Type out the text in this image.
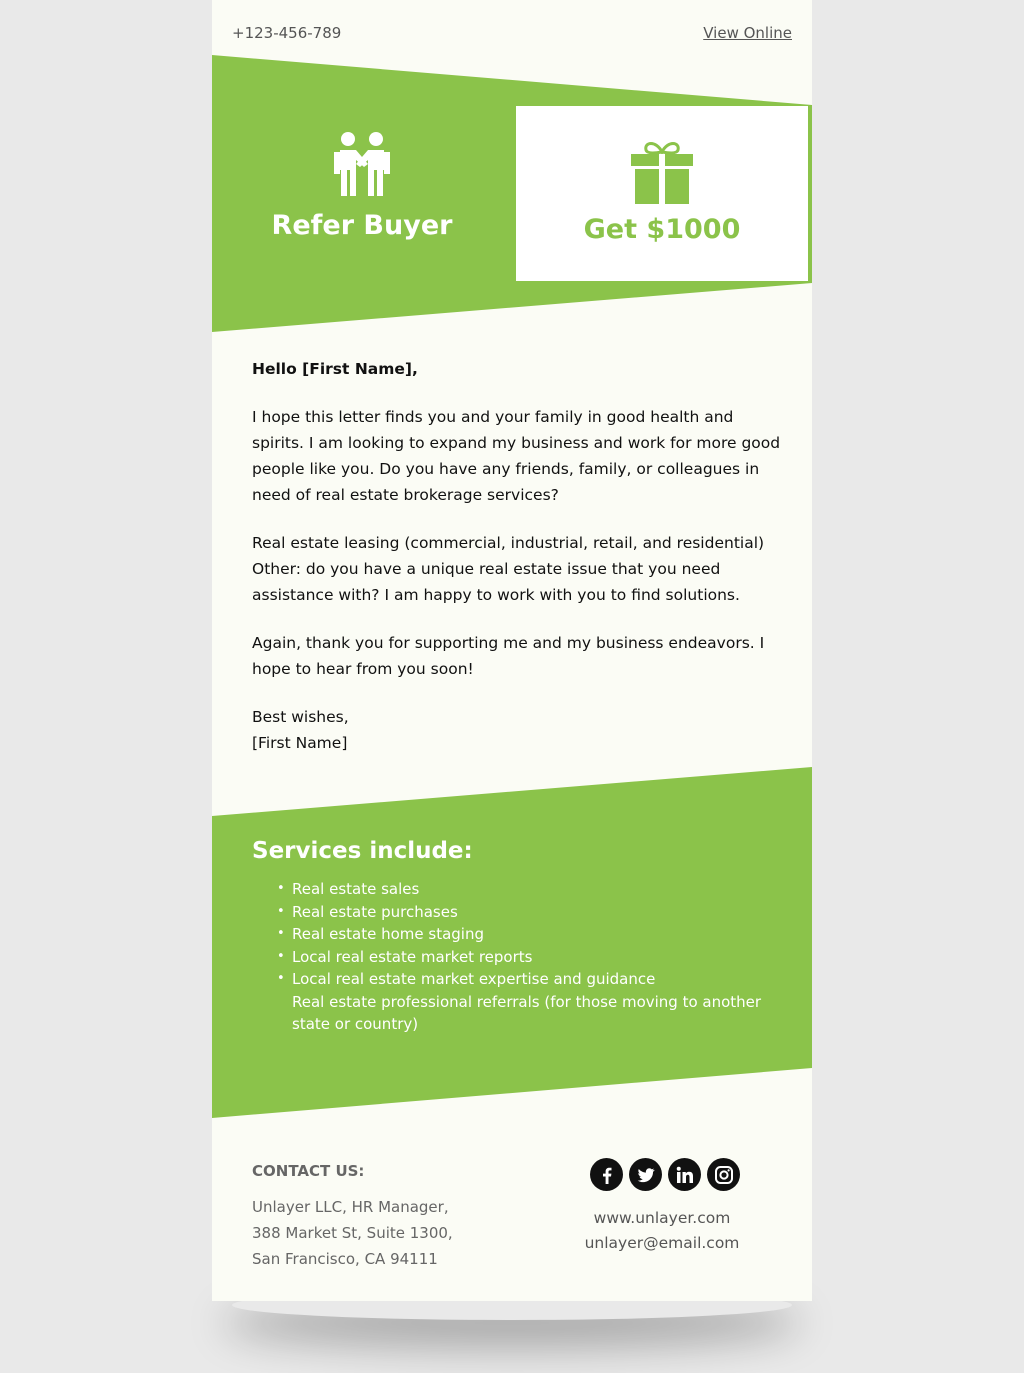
+123-456-789	View Online
Refer Buyer	Get $1000

Hello [First Name],

I hope this letter finds you and your family in good health and spirits. I am looking to expand my business and work for more good people like you. Do you have any friends, family, or colleagues in need of real estate brokerage services?

Real estate leasing (commercial, industrial, retail, and residential) Other: do you have a unique real estate issue that you need assistance with? I am happy to work with you to find solutions.

Again, thank you for supporting me and my business endeavors. I hope to hear from you soon!

Best wishes,
[First Name]
Services include:
• Real estate sales
• Real estate purchases
• Real estate home staging
• Local real estate market reports
• Local real estate market expertise and guidance
Real estate professional referrals (for those moving to another state or country)
CONTACT US:
Unlayer LLC, HR Manager,
388 Market St, Suite 1300,
San Francisco, CA 94111
www.unlayer.com
unlayer@email.com
